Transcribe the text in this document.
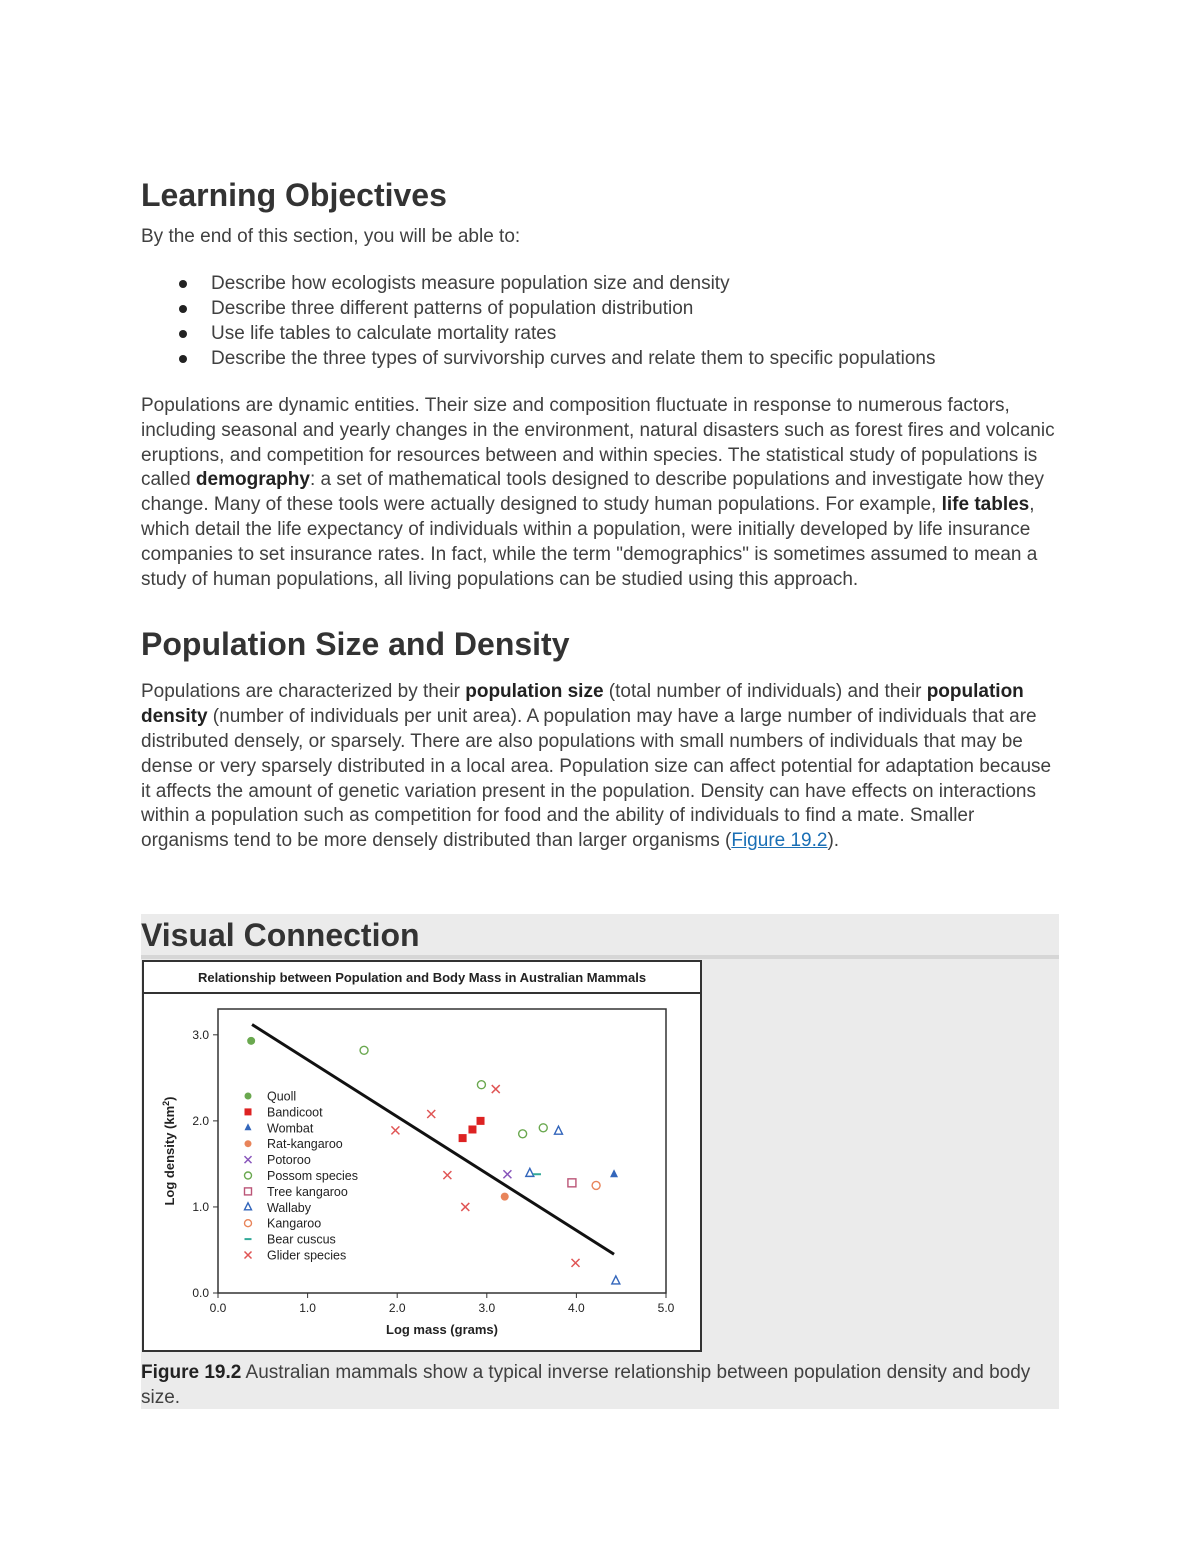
Learning Objectives
By the end of this section, you will be able to:
Describe how ecologists measure population size and density
Describe three different patterns of population distribution
Use life tables to calculate mortality rates
Describe the three types of survivorship curves and relate them to specific populations

Populations are dynamic entities. Their size and composition fluctuate in response to numerous factors, including seasonal and yearly changes in the environment, natural disasters such as forest fires and volcanic eruptions, and competition for resources between and within species. The statistical study of populations is called demography: a set of mathematical tools designed to describe populations and investigate how they change. Many of these tools were actually designed to study human populations. For example, life tables, which detail the life expectancy of individuals within a population, were initially developed by life insurance companies to set insurance rates. In fact, while the term "demographics" is sometimes assumed to mean a study of human populations, all living populations can be studied using this approach.

Population Size and Density

Populations are characterized by their population size (total number of individuals) and their population density (number of individuals per unit area). A population may have a large number of individuals that are distributed densely, or sparsely. There are also populations with small numbers of individuals that may be dense or very sparsely distributed in a local area. Population size can affect potential for adaptation because it affects the amount of genetic variation present in the population. Density can have effects on interactions within a population such as competition for food and the ability of individuals to find a mate. Smaller organisms tend to be more densely distributed than larger organisms (Figure 19.2).

Visual Connection
Relationship between Population and Body Mass in Australian Mammals
0.0	1.0	2.0	3.0	4.0	5.0
0.0
1.0
2.0
3.0
Quoll
Bandicoot
Wombat
Rat-kangaroo
Potoroo
Possom species
Tree kangaroo
Wallaby
Kangaroo
Bear cuscus
Glider species
Log mass (grams)
Log density $(km^2)$
Figure 19.2 Australian mammals show a typical inverse relationship between population density and body size.
